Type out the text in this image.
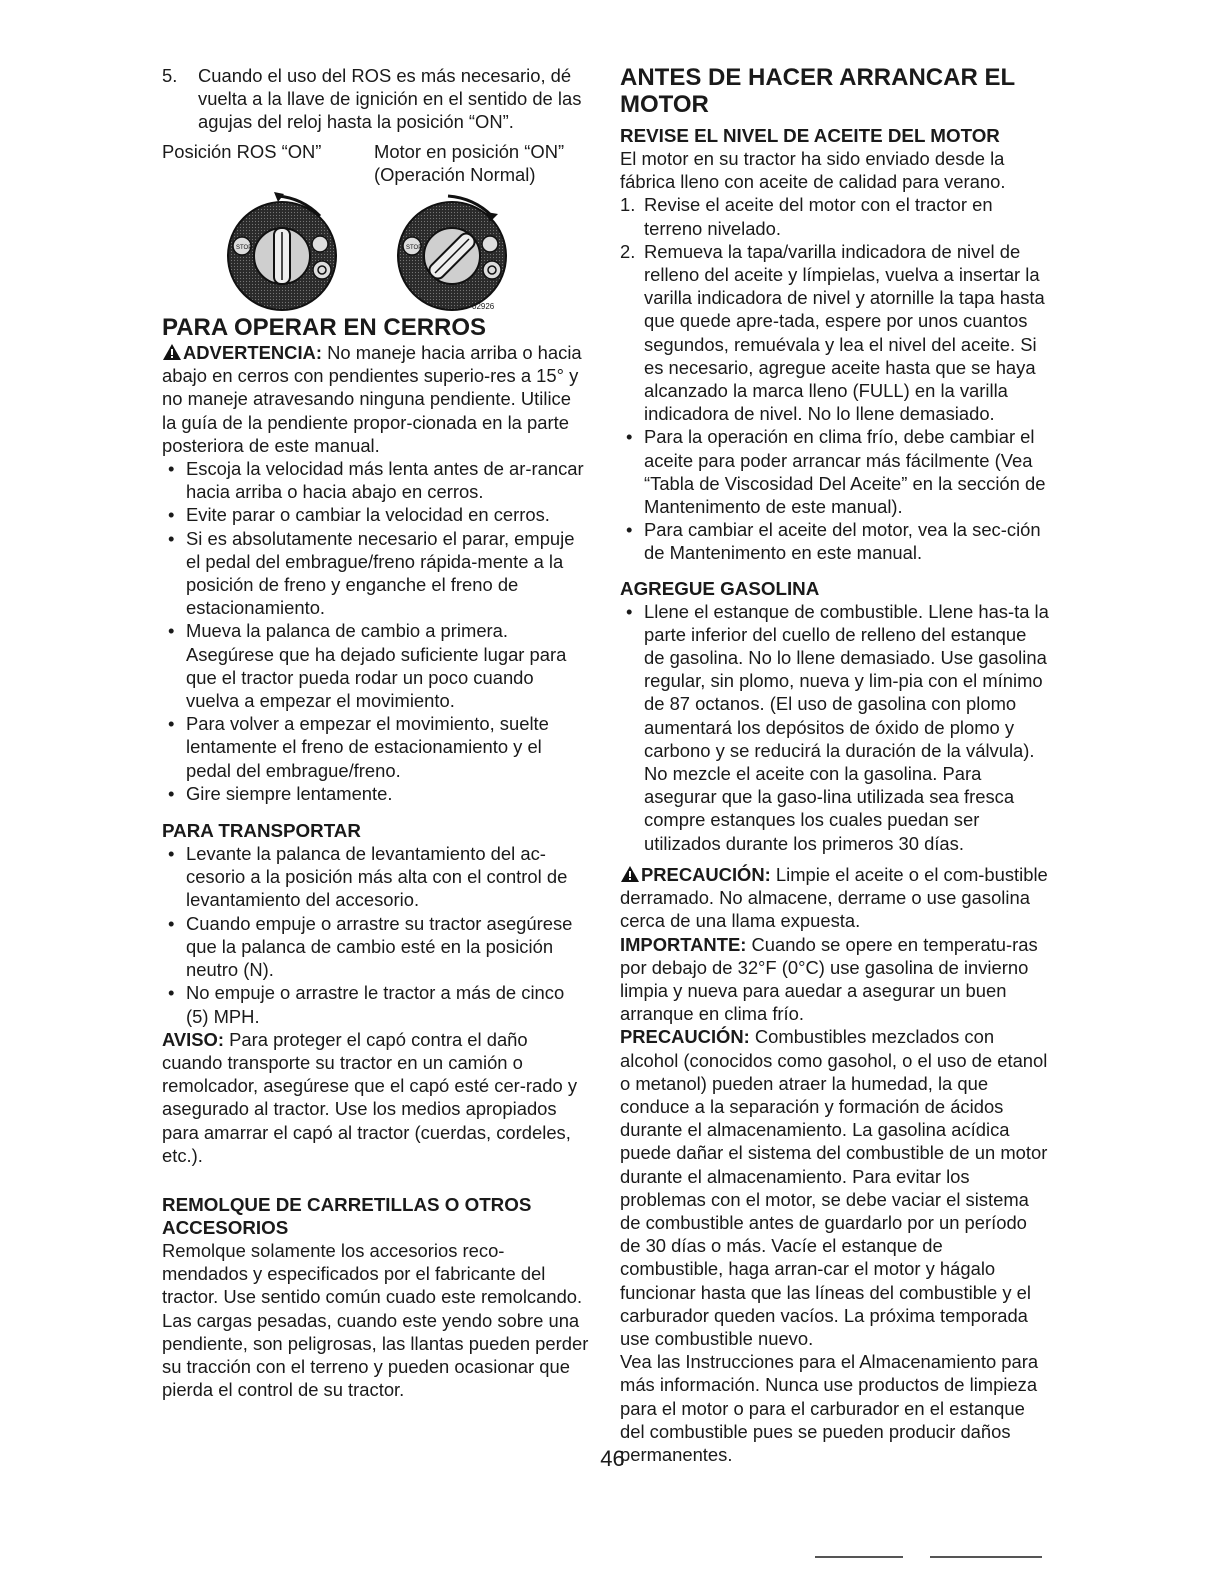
5. Cuando el uso del ROS es más necesario, dé vuelta a la llave de ignición en el sentido de las agujas del reloj hasta la posición “ON”.
Posición ROS “ON”	Motor en posición “ON”
(Operación Normal)
STOP	STOP
02926
PARA OPERAR EN CERROS

ADVERTENCIA: No maneje hacia arriba o hacia abajo en cerros con pendientes superio-res a 15° y no maneje atravesando ninguna pendiente. Utilice la guía de la pendiente propor-cionada en la parte posteriora de este manual.

• Escoja la velocidad más lenta antes de ar-rancar hacia arriba o hacia abajo en cerros.
• Evite parar o cambiar la velocidad en cerros.
• Si es absolutamente necesario el parar, empuje el pedal del embrague/freno rápida-mente a la posición de freno y enganche el freno de estacionamiento.
• Mueva la palanca de cambio a primera. Asegúrese que ha dejado suficiente lugar para que el tractor pueda rodar un poco cuando vuelva a empezar el movimiento.
• Para volver a empezar el movimiento, suelte lentamente el freno de estacionamiento y el pedal del embrague/freno.
• Gire siempre lentamente.
PARA TRANSPORTAR
• Levante la palanca de levantamiento del ac-cesorio a la posición más alta con el control de levantamiento del accesorio.
• Cuando empuje o arrastre su tractor asegúrese que la palanca de cambio esté en la posición neutro (N).
• No empuje o arrastre le tractor a más de cinco (5) MPH.

AVISO: Para proteger el capó contra el daño cuando transporte su tractor en un camión o remolcador, asegúrese que el capó esté cer-rado y asegurado al tractor. Use los medios apropiados para amarrar el capó al tractor (cuerdas, cordeles, etc.).

REMOLQUE DE CARRETILLAS O OTROS ACCESORIOS

Remolque solamente los accesorios reco-mendados y especificados por el fabricante del tractor. Use sentido común cuado este remolcando. Las cargas pesadas, cuando este yendo sobre una pendiente, son peligrosas, las llantas pueden perder su tracción con el terreno y pueden ocasionar que pierda el control de su tractor.

ANTES DE HACER ARRANCAR EL MOTOR
REVISE EL NIVEL DE ACEITE DEL MOTOR

El motor en su tractor ha sido enviado desde la fábrica lleno con aceite de calidad para verano.

1. Revise el aceite del motor con el tractor en terreno nivelado.
2. Remueva la tapa/varilla indicadora de nivel de relleno del aceite y límpielas, vuelva a insertar la varilla indicadora de nivel y atornille la tapa hasta que quede apre-tada, espere por unos cuantos segundos, remuévala y lea el nivel del aceite. Si es necesario, agregue aceite hasta que se haya alcanzado la marca lleno (FULL) en la varilla indicadora de nivel. No lo llene demasiado.
• Para la operación en clima frío, debe cambiar el aceite para poder arrancar más fácilmente (Vea “Tabla de Viscosidad Del Aceite” en la sección de Mantenimento de este manual).
• Para cambiar el aceite del motor, vea la sec-ción de Mantenimento en este manual.
AGREGUE GASOLINA
• Llene el estanque de combustible. Llene has-ta la parte inferior del cuello de relleno del estanque de gasolina. No lo llene demasiado. Use gasolina regular, sin plomo, nueva y lim-pia con el mínimo de 87 octanos. (El uso de gasolina con plomo aumentará los depósitos de óxido de plomo y carbono y se reducirá la duración de la válvula). No mezcle el aceite con la gasolina. Para asegurar que la gaso-lina utilizada sea fresca compre estanques los cuales puedan ser utilizados durante los primeros 30 días.

PRECAUCIÓN: Limpie el aceite o el com-bustible derramado. No almacene, derrame o use gasolina cerca de una llama expuesta.

IMPORTANTE: Cuando se opere en temperatu-ras por debajo de 32°F (0°C) use gasolina de invierno limpia y nueva para auedar a asegurar un buen arranque en clima frío.

PRECAUCIÓN: Combustibles mezclados con alcohol (conocidos como gasohol, o el uso de etanol o metanol) pueden atraer la humedad, la que conduce a la separación y formación de ácidos durante el almacenamiento. La gasolina acídica puede dañar el sistema del combustible de un motor durante el almacenamiento. Para evitar los problemas con el motor, se debe vaciar el sistema de combustible antes de guardarlo por un período de 30 días o más. Vacíe el estanque de combustible, haga arran-car el motor y hágalo funcionar hasta que las líneas del combustible y el carburador queden vacíos. La próxima temporada use combustible nuevo.

Vea las Instrucciones para el Almacenamiento para más información. Nunca use productos de limpieza para el motor o para el carburador en el estanque del combustible pues se pueden producir daños permanentes.

46
